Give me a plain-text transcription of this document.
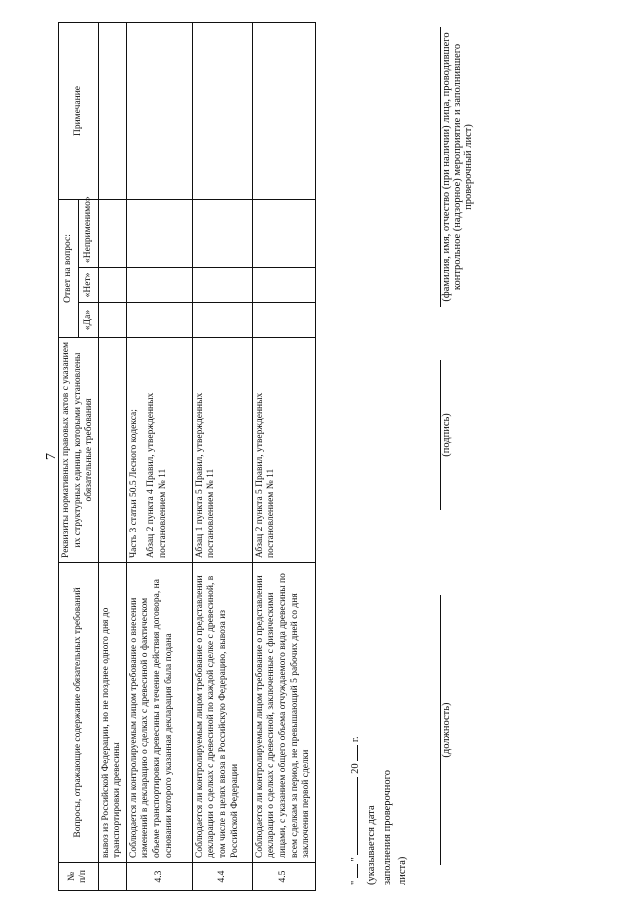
7
№ п/п	Вопросы, отражающие содержание обязательных требований	Реквизиты нормативных правовых актов с указанием их структурных единиц, которыми установлены обязательные требования	Ответ на вопрос:			Примечание
			«Да»	«Нет»	«Неприменимо»	
	вывоз из Российской Федерации, но не позднее одного дня до транспортировки древесины					
4.3	Соблюдается ли контролируемым лицом требование о внесении изменений в декларацию о сделках с древесиной о фактическом объеме транспортировки древесины в течение действия договора, на основании которого указанная декларация была подана	Часть 3 статьи 50.5 Лесного кодекса; Абзац 2 пункта 4 Правил, утвержденных постановлением № 11				

4.4	Соблюдается ли контролируемым лицом требование о представлении декларации о сделках с древесиной по каждой сделке с древесиной, в том числе в целях ввоза в Российскую Федерацию, вывоза из Российской Федерации	Абзац 1 пункта 5 Правил, утвержденных постановлением № 11				
4.5	Соблюдается ли контролируемым лицом требование о представлении декларации о сделках с древесиной, заключенные с физическими лицами, с указанием общего объема отчуждаемого вида древесины по всем сделкам за период, не превышающий 5 рабочих дней со дня заключения первой сделки	Абзац 2 пункта 5 Правил, утвержденных постановлением № 11				
"  "  20  г.
(указывается дата заполнения проверочного листа)
(должность)
(подпись)
(фамилия, имя, отчество (при наличии) лица, проводившего контрольное (надзорное) мероприятие и заполнившего проверочный лист)
